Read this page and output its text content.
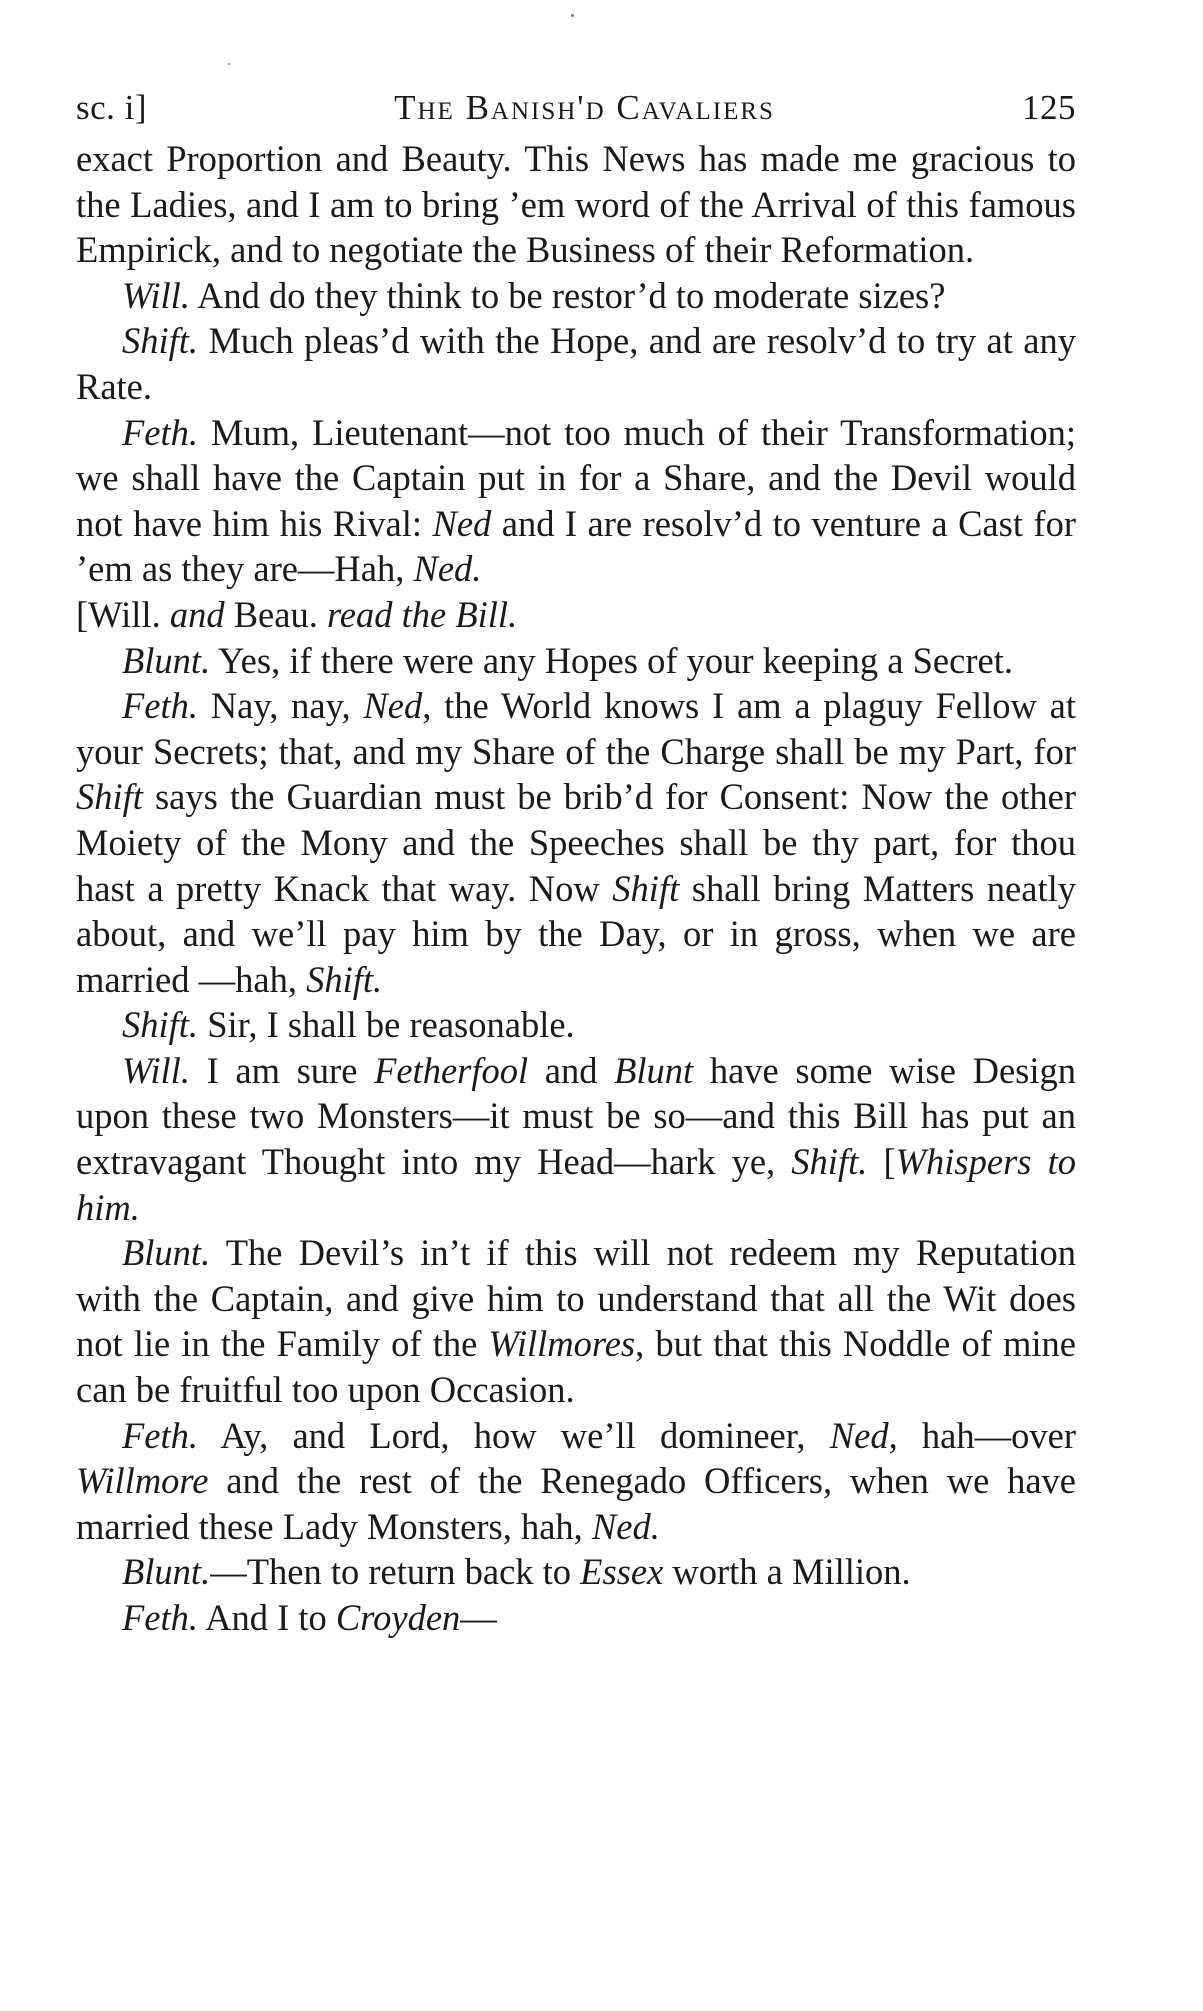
sc. i]	The Banish'd Cavaliers	125

exact Proportion and Beauty. This News has made me gracious to the Ladies, and I am to bring ’em word of the Arrival of this famous Empirick, and to negotiate the Business of their Reformation.

Will. And do they think to be restor’d to moderate sizes?

Shift. Much pleas’d with the Hope, and are resolv’d to try at any Rate.

Feth. Mum, Lieutenant—not too much of their Transformation; we shall have the Captain put in for a Share, and the Devil would not have him his Rival: Ned and I are resolv’d to venture a Cast for ’em as they are—Hah, Ned.

[Will. and Beau. read the Bill.

Blunt. Yes, if there were any Hopes of your keeping a Secret.

Feth. Nay, nay, Ned, the World knows I am a plaguy Fellow at your Secrets; that, and my Share of the Charge shall be my Part, for Shift says the Guardian must be brib’d for Consent: Now the other Moiety of the Mony and the Speeches shall be thy part, for thou hast a pretty Knack that way. Now Shift shall bring Matters neatly about, and we’ll pay him by the Day, or in gross, when we are married —hah, Shift.

Shift. Sir, I shall be reasonable.

Will. I am sure Fetherfool and Blunt have some wise Design upon these two Monsters—it must be so—and this Bill has put an extravagant Thought into my Head—hark ye, Shift. [Whispers to him.

Blunt. The Devil’s in’t if this will not redeem my Reputation with the Captain, and give him to understand that all the Wit does not lie in the Family of the Willmores, but that this Noddle of mine can be fruitful too upon Occasion.

Feth. Ay, and Lord, how we’ll domineer, Ned, hah—over Willmore and the rest of the Renegado Officers, when we have married these Lady Monsters, hah, Ned.

Blunt.—Then to return back to Essex worth a Million.

Feth. And I to Croyden—
